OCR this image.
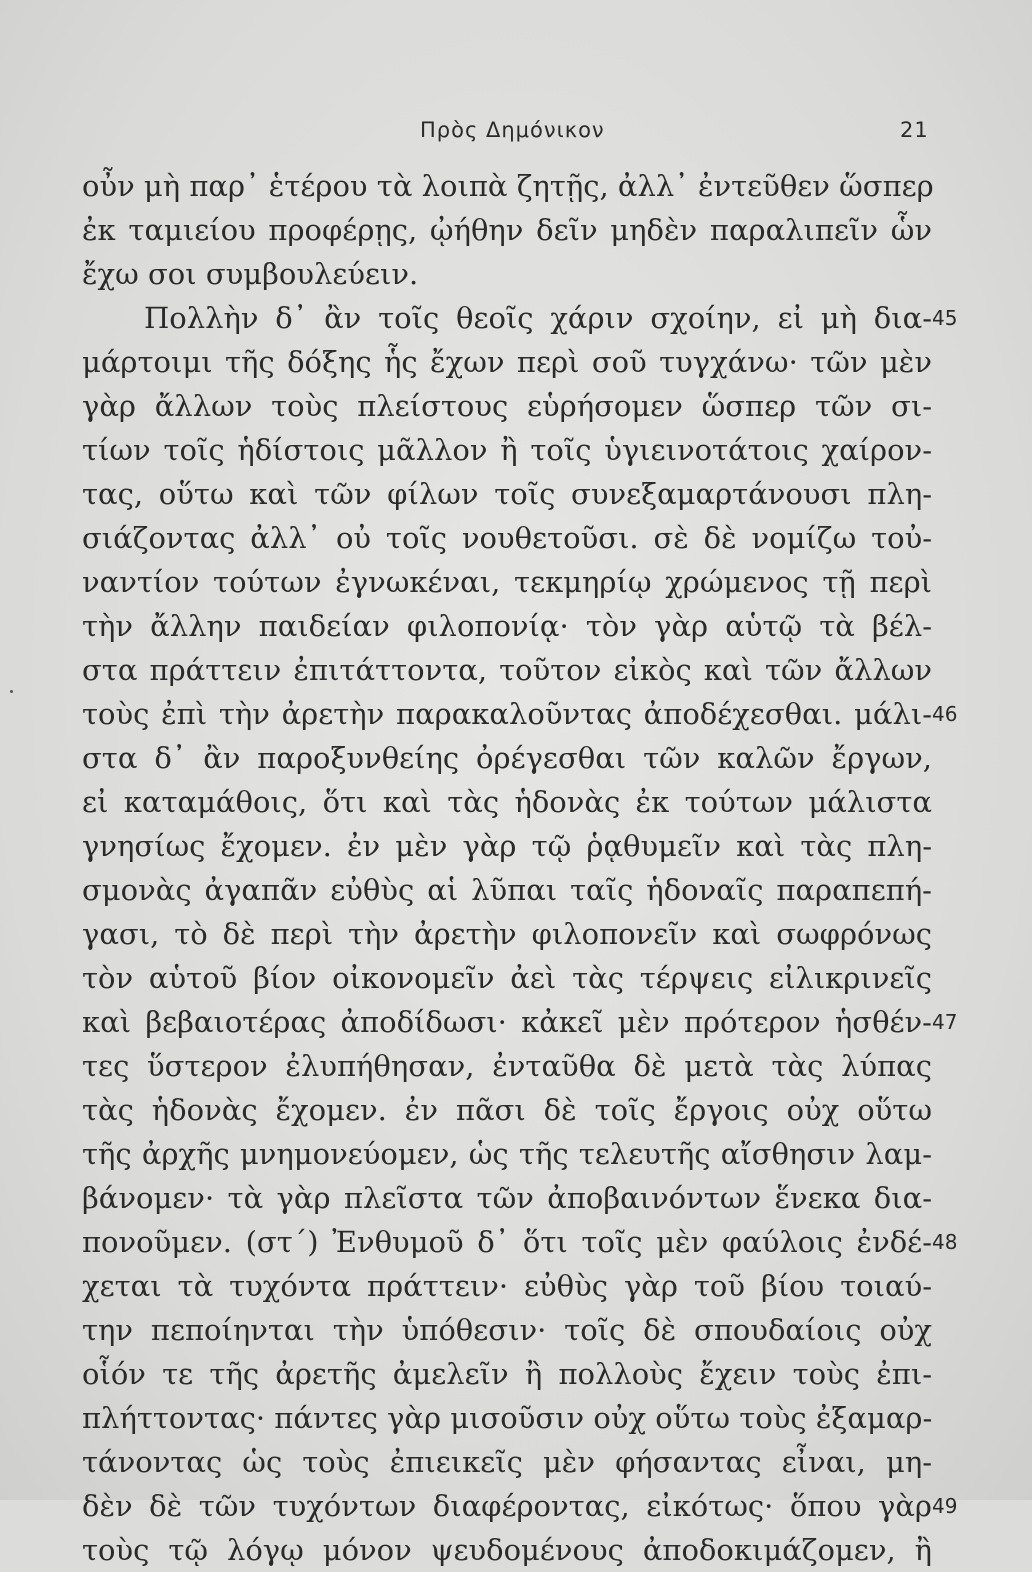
Πρὸς Δημόνικον	21
οὖν μὴ παρ᾽ ἑτέρου τὰ λοιπὰ ζητῇς, ἀλλ᾽ ἐντεῦθεν ὥσπερ
ἐκ ταμιείου προφέρῃς, ᾠήθην δεῖν μηδὲν παραλιπεῖν ὧν
ἔχω σοι συμβουλεύειν.
Πολλὴν δ᾽ ἂν τοῖς θεοῖς χάριν σχοίην, εἰ μὴ δια-
μάρτοιμι τῆς δόξης ἧς ἔχων περὶ σοῦ τυγχάνω· τῶν μὲν
γὰρ ἄλλων τοὺς πλείστους εὑρήσομεν ὥσπερ τῶν σι-
τίων τοῖς ἡδίστοις μᾶλλον ἢ τοῖς ὑγιεινοτάτοις χαίρον-
τας, οὕτω καὶ τῶν φίλων τοῖς συνεξαμαρτάνουσι πλη-
σιάζοντας ἀλλ᾽ οὐ τοῖς νουθετοῦσι. σὲ δὲ νομίζω τοὐ-
ναντίον τούτων ἐγνωκέναι, τεκμηρίῳ χρώμενος τῇ περὶ
τὴν ἄλλην παιδείαν φιλοπονίᾳ· τὸν γὰρ αὑτῷ τὰ βέλ-
στα πράττειν ἐπιτάττοντα, τοῦτον εἰκὸς καὶ τῶν ἄλλων
τοὺς ἐπὶ τὴν ἀρετὴν παρακαλοῦντας ἀποδέχεσθαι. μάλι-
στα δ᾽ ἂν παροξυνθείης ὀρέγεσθαι τῶν καλῶν ἔργων,
εἰ καταμάθοις, ὅτι καὶ τὰς ἡδονὰς ἐκ τούτων μάλιστα
γνησίως ἔχομεν. ἐν μὲν γὰρ τῷ ῥᾳθυμεῖν καὶ τὰς πλη-
σμονὰς ἀγαπᾶν εὐθὺς αἱ λῦπαι ταῖς ἡδοναῖς παραπεπή-
γασι, τὸ δὲ περὶ τὴν ἀρετὴν φιλοπονεῖν καὶ σωφρόνως
τὸν αὑτοῦ βίον οἰκονομεῖν ἀεὶ τὰς τέρψεις εἰλικρινεῖς
καὶ βεβαιοτέρας ἀποδίδωσι· κἀκεῖ μὲν πρότερον ἡσθέν-
τες ὕστερον ἐλυπήθησαν, ἐνταῦθα δὲ μετὰ τὰς λύπας
τὰς ἡδονὰς ἔχομεν. ἐν πᾶσι δὲ τοῖς ἔργοις οὐχ οὕτω
τῆς ἀρχῆς μνημονεύομεν, ὡς τῆς τελευτῆς αἴσθησιν λαμ-
βάνομεν· τὰ γὰρ πλεῖστα τῶν ἀποβαινόντων ἕνεκα δια-
πονοῦμεν. (στ΄) Ἐνθυμοῦ δ᾽ ὅτι τοῖς μὲν φαύλοις ἐνδέ-
χεται τὰ τυχόντα πράττειν· εὐθὺς γὰρ τοῦ βίου τοιαύ-
την πεποίηνται τὴν ὑπόθεσιν· τοῖς δὲ σπουδαίοις οὐχ
οἷόν τε τῆς ἀρετῆς ἀμελεῖν ἢ πολλοὺς ἔχειν τοὺς ἐπι-
πλήττοντας· πάντες γὰρ μισοῦσιν οὐχ οὕτω τοὺς ἐξαμαρ-
τάνοντας ὡς τοὺς ἐπιεικεῖς μὲν φήσαντας εἶναι, μη-
δὲν δὲ τῶν τυχόντων διαφέροντας, εἰκότως· ὅπου γὰρ
τοὺς τῷ λόγῳ μόνον ψευδομένους ἀποδοκιμάζομεν, ἢ
45
46
47
48
49
